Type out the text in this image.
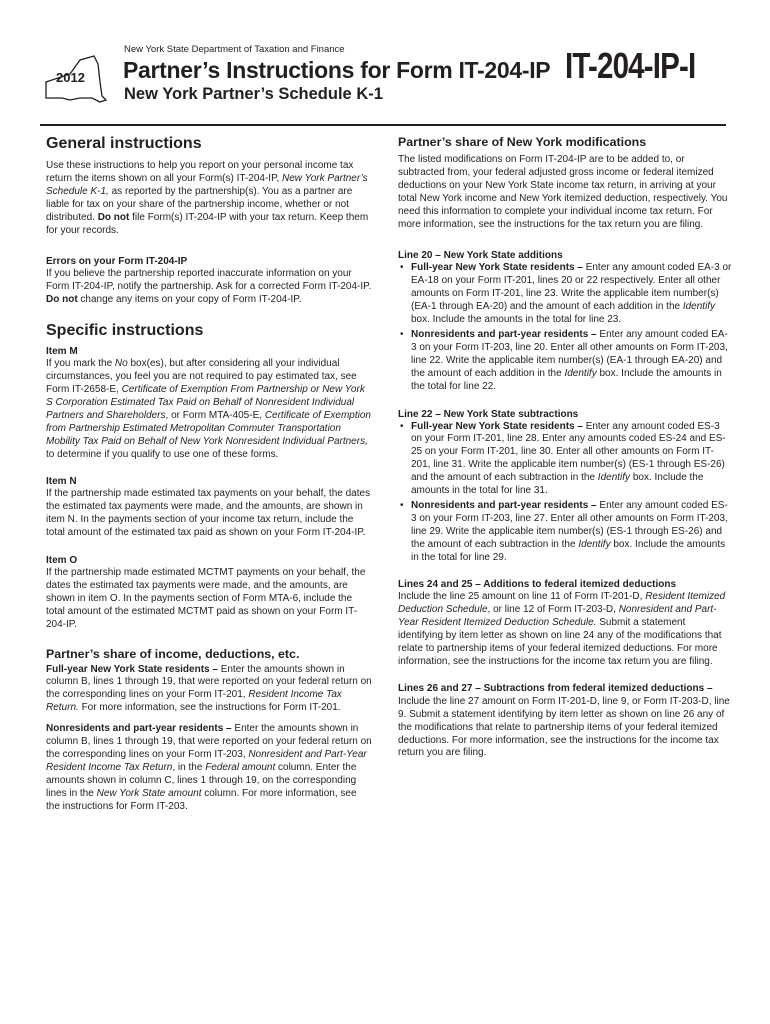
2012
New York State Department of Taxation and Finance
Partner’s Instructions for Form IT-204-IP
New York Partner’s Schedule K-1
IT-204-IP-I
General instructions

Use these instructions to help you report on your personal income tax return the items shown on all your Form(s) IT-204-IP, New York Partner’s Schedule K-1, as reported by the partnership(s). You as a partner are liable for tax on your share of the partnership income, whether or not distributed. Do not file Form(s) IT-204-IP with your tax return. Keep them for your records.

Errors on your Form IT-204-IP

If you believe the partnership reported inaccurate information on your Form IT-204-IP, notify the partnership. Ask for a corrected Form IT-204-IP. Do not change any items on your copy of Form IT-204-IP.

Specific instructions
Item M

If you mark the No box(es), but after considering all your individual circumstances, you feel you are not required to pay estimated tax, see Form IT-2658-E, Certificate of Exemption From Partnership or New York S Corporation Estimated Tax Paid on Behalf of Nonresident Individual Partners and Shareholders, or Form MTA-405-E, Certificate of Exemption from Partnership Estimated Metropolitan Commuter Transportation Mobility Tax Paid on Behalf of New York Nonresident Individual Partners, to determine if you qualify to use one of these forms.

Item N

If the partnership made estimated tax payments on your behalf, the dates the estimated tax payments were made, and the amounts, are shown in item N. In the payments section of your income tax return, include the total amount of the estimated tax paid as shown on your Form IT-204-IP.

Item O

If the partnership made estimated MCTMT payments on your behalf, the dates the estimated tax payments were made, and the amounts, are shown in item O. In the payments section of Form MTA-6, include the total amount of the estimated MCTMT paid as shown on your Form IT-204-IP.

Partner’s share of income, deductions, etc.

Full-year New York State residents – Enter the amounts shown in column B, lines 1 through 19, that were reported on your federal return on the corresponding lines on your Form IT-201, Resident Income Tax Return. For more information, see the instructions for Form IT-201.

Nonresidents and part-year residents – Enter the amounts shown in column B, lines 1 through 19, that were reported on your federal return on the corresponding lines on your Form IT-203, Nonresident and Part-Year Resident Income Tax Return, in the Federal amount column. Enter the amounts shown in column C, lines 1 through 19, on the corresponding lines in the New York State amount column. For more information, see the instructions for Form IT-203.

Partner’s share of New York modifications

The listed modifications on Form IT-204-IP are to be added to, or subtracted from, your federal adjusted gross income or federal itemized deductions on your New York State income tax return, in arriving at your total New York income and New York itemized deduction, respectively. You need this information to complete your individual income tax return. For more information, see the instructions for the tax return you are filing.

Line 20 – New York State additions
• Full-year New York State residents – Enter any amount coded EA-3 or EA-18 on your Form IT-201, lines 20 or 22 respectively. Enter all other amounts on Form IT-201, line 23. Write the applicable item number(s) (EA-1 through EA-20) and the amount of each addition in the Identify box. Include the amounts in the total for line 23.
• Nonresidents and part-year residents – Enter any amount coded EA-3 on your Form IT-203, line 20. Enter all other amounts on Form IT-203, line 22. Write the applicable item number(s) (EA-1 through EA-20) and the amount of each addition in the Identify box. Include the amounts in the total for line 22.
Line 22 – New York State subtractions
• Full-year New York State residents – Enter any amount coded ES-3 on your Form IT-201, line 28. Enter any amounts coded ES-24 and ES-25 on your Form IT-201, line 30. Enter all other amounts on Form IT-201, line 31. Write the applicable item number(s) (ES-1 through ES-26) and the amount of each subtraction in the Identify box. Include the amounts in the total for line 31.
• Nonresidents and part-year residents – Enter any amount coded ES-3 on your Form IT-203, line 27. Enter all other amounts on Form IT-203, line 29. Write the applicable item number(s) (ES-1 through ES-26) and the amount of each subtraction in the Identify box. Include the amounts in the total for line 29.
Lines 24 and 25 – Additions to federal itemized deductions

Include the line 25 amount on line 11 of Form IT-201-D, Resident Itemized Deduction Schedule, or line 12 of Form IT-203-D, Nonresident and Part-Year Resident Itemized Deduction Schedule. Submit a statement identifying by item letter as shown on line 24 any of the modifications that relate to partnership items of your federal itemized deductions. For more information, see the instructions for the income tax return you are filing.

Lines 26 and 27 – Subtractions from federal itemized deductions – Include the line 27 amount on Form IT-201-D, line 9, or Form IT-203-D, line 9. Submit a statement identifying by item letter as shown on line 26 any of the modifications that relate to partnership items of your federal itemized deductions. For more information, see the instructions for the income tax return you are filing.
